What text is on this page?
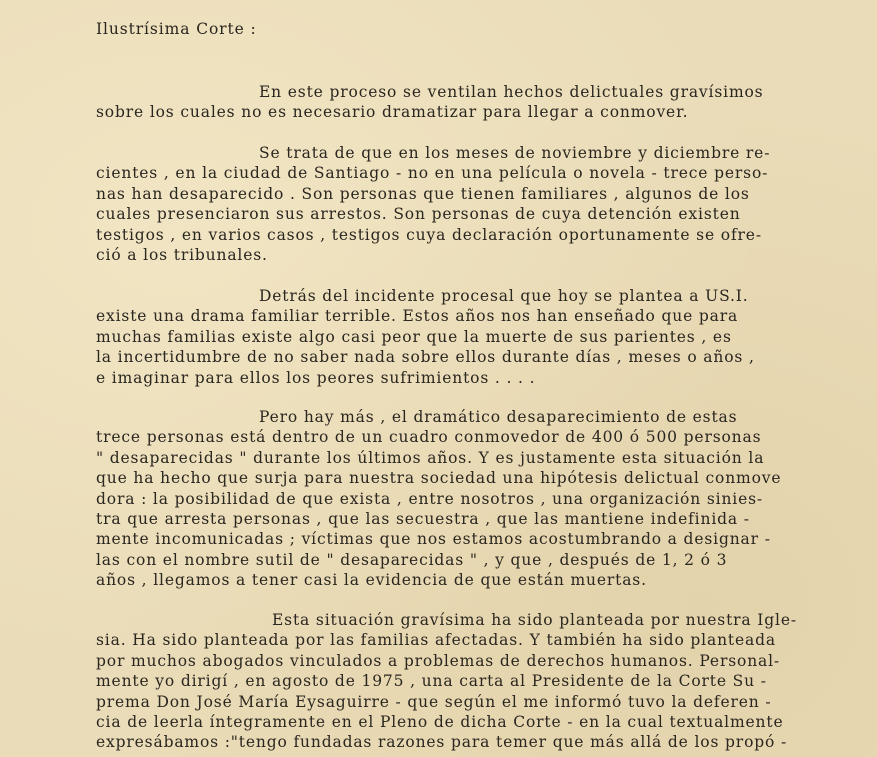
Ilustrísima Corte :
En este proceso se ventilan hechos delictuales gravísimos
sobre los cuales no es necesario dramatizar para llegar a conmover.
Se trata de que en los meses de noviembre y diciembre re-
cientes , en la ciudad de Santiago - no en una película o novela - trece perso-
nas han desaparecido . Son personas que tienen familiares , algunos de los
cuales presenciaron sus arrestos. Son personas de cuya detención existen
testigos , en varios casos , testigos cuya declaración oportunamente se ofre-
ció a los tribunales.
Detrás del incidente procesal que hoy se plantea a US.I.
existe una drama familiar terrible. Estos años nos han enseñado que para
muchas familias existe algo casi peor que la muerte de sus parientes , es
la incertidumbre de no saber nada sobre ellos durante días , meses o años ,
e imaginar para ellos los peores sufrimientos . . . .
Pero hay más , el dramático desaparecimiento de estas
trece personas está dentro de un cuadro conmovedor de 400 ó 500 personas
" desaparecidas " durante los últimos años. Y es justamente esta situación la
que ha hecho que surja para nuestra sociedad una hipótesis delictual conmove
dora : la posibilidad de que exista , entre nosotros , una organización sinies-
tra que arresta personas , que las secuestra , que las mantiene indefinida -
mente incomunicadas ; víctimas que nos estamos acostumbrando a designar -
las con el nombre sutil de " desaparecidas " , y que , después de 1, 2 ó 3
años , llegamos a tener casi la evidencia de que están muertas.
Esta situación gravísima ha sido planteada por nuestra Igle-
sia. Ha sido planteada por las familias afectadas. Y también ha sido planteada
por muchos abogados vinculados a problemas de derechos humanos. Personal-
mente yo dirigí , en agosto de 1975 , una carta al Presidente de la Corte Su -
prema Don José María Eysaguirre - que según el me informó tuvo la deferen -
cia de leerla íntegramente en el Pleno de dicha Corte - en la cual textualmente
expresábamos :"tengo fundadas razones para temer que más allá de los propó -
